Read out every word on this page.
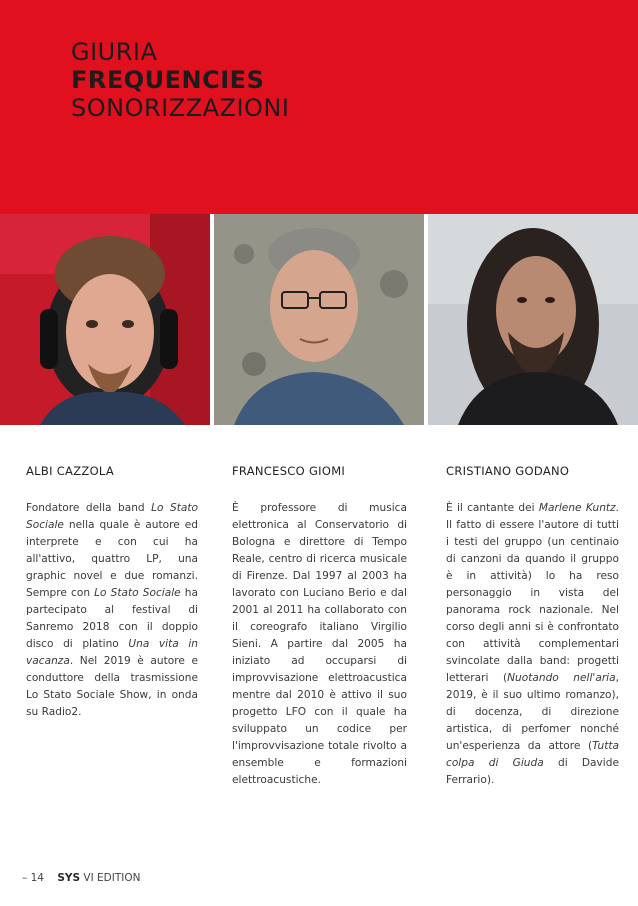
GIURIA
FREQUENCIES
SONORIZZAZIONI

ALBI CAZZOLA

Fondatore della band Lo Stato Sociale nella quale è autore ed interprete e con cui ha all'attivo, quattro LP, una graphic novel e due romanzi. Sempre con Lo Stato Sociale ha partecipato al festival di Sanremo 2018 con il doppio disco di platino Una vita in vacanza. Nel 2019 è autore e conduttore della trasmissione Lo Stato Sociale Show, in onda su Radio2.

FRANCESCO GIOMI

È professore di musica elettronica al Conservatorio di Bologna e direttore di Tempo Reale, centro di ricerca musicale di Firenze. Dal 1997 al 2003 ha lavorato con Luciano Berio e dal 2001 al 2011 ha collaborato con il coreografo italiano Virgilio Sieni. A partire dal 2005 ha iniziato ad occuparsi di improvvisazione elettroacustica mentre dal 2010 è attivo il suo progetto LFO con il quale ha sviluppato un codice per l'improvvisazione totale rivolto a ensemble e formazioni elettroacustiche.

CRISTIANO GODANO

È il cantante dei Marlene Kuntz. Il fatto di essere l'autore di tutti i testi del gruppo (un centinaio di canzoni da quando il gruppo è in attività) lo ha reso personaggio in vista del panorama rock nazionale. Nel corso degli anni si è confrontato con attività complementari svincolate dalla band: progetti letterari (Nuotando nell'aria, 2019, è il suo ultimo romanzo), di docenza, di direzione artistica, di perfomer nonché un'esperienza da attore (Tutta colpa di Giuda di Davide Ferrario).

– 14 SYS VI EDITION
